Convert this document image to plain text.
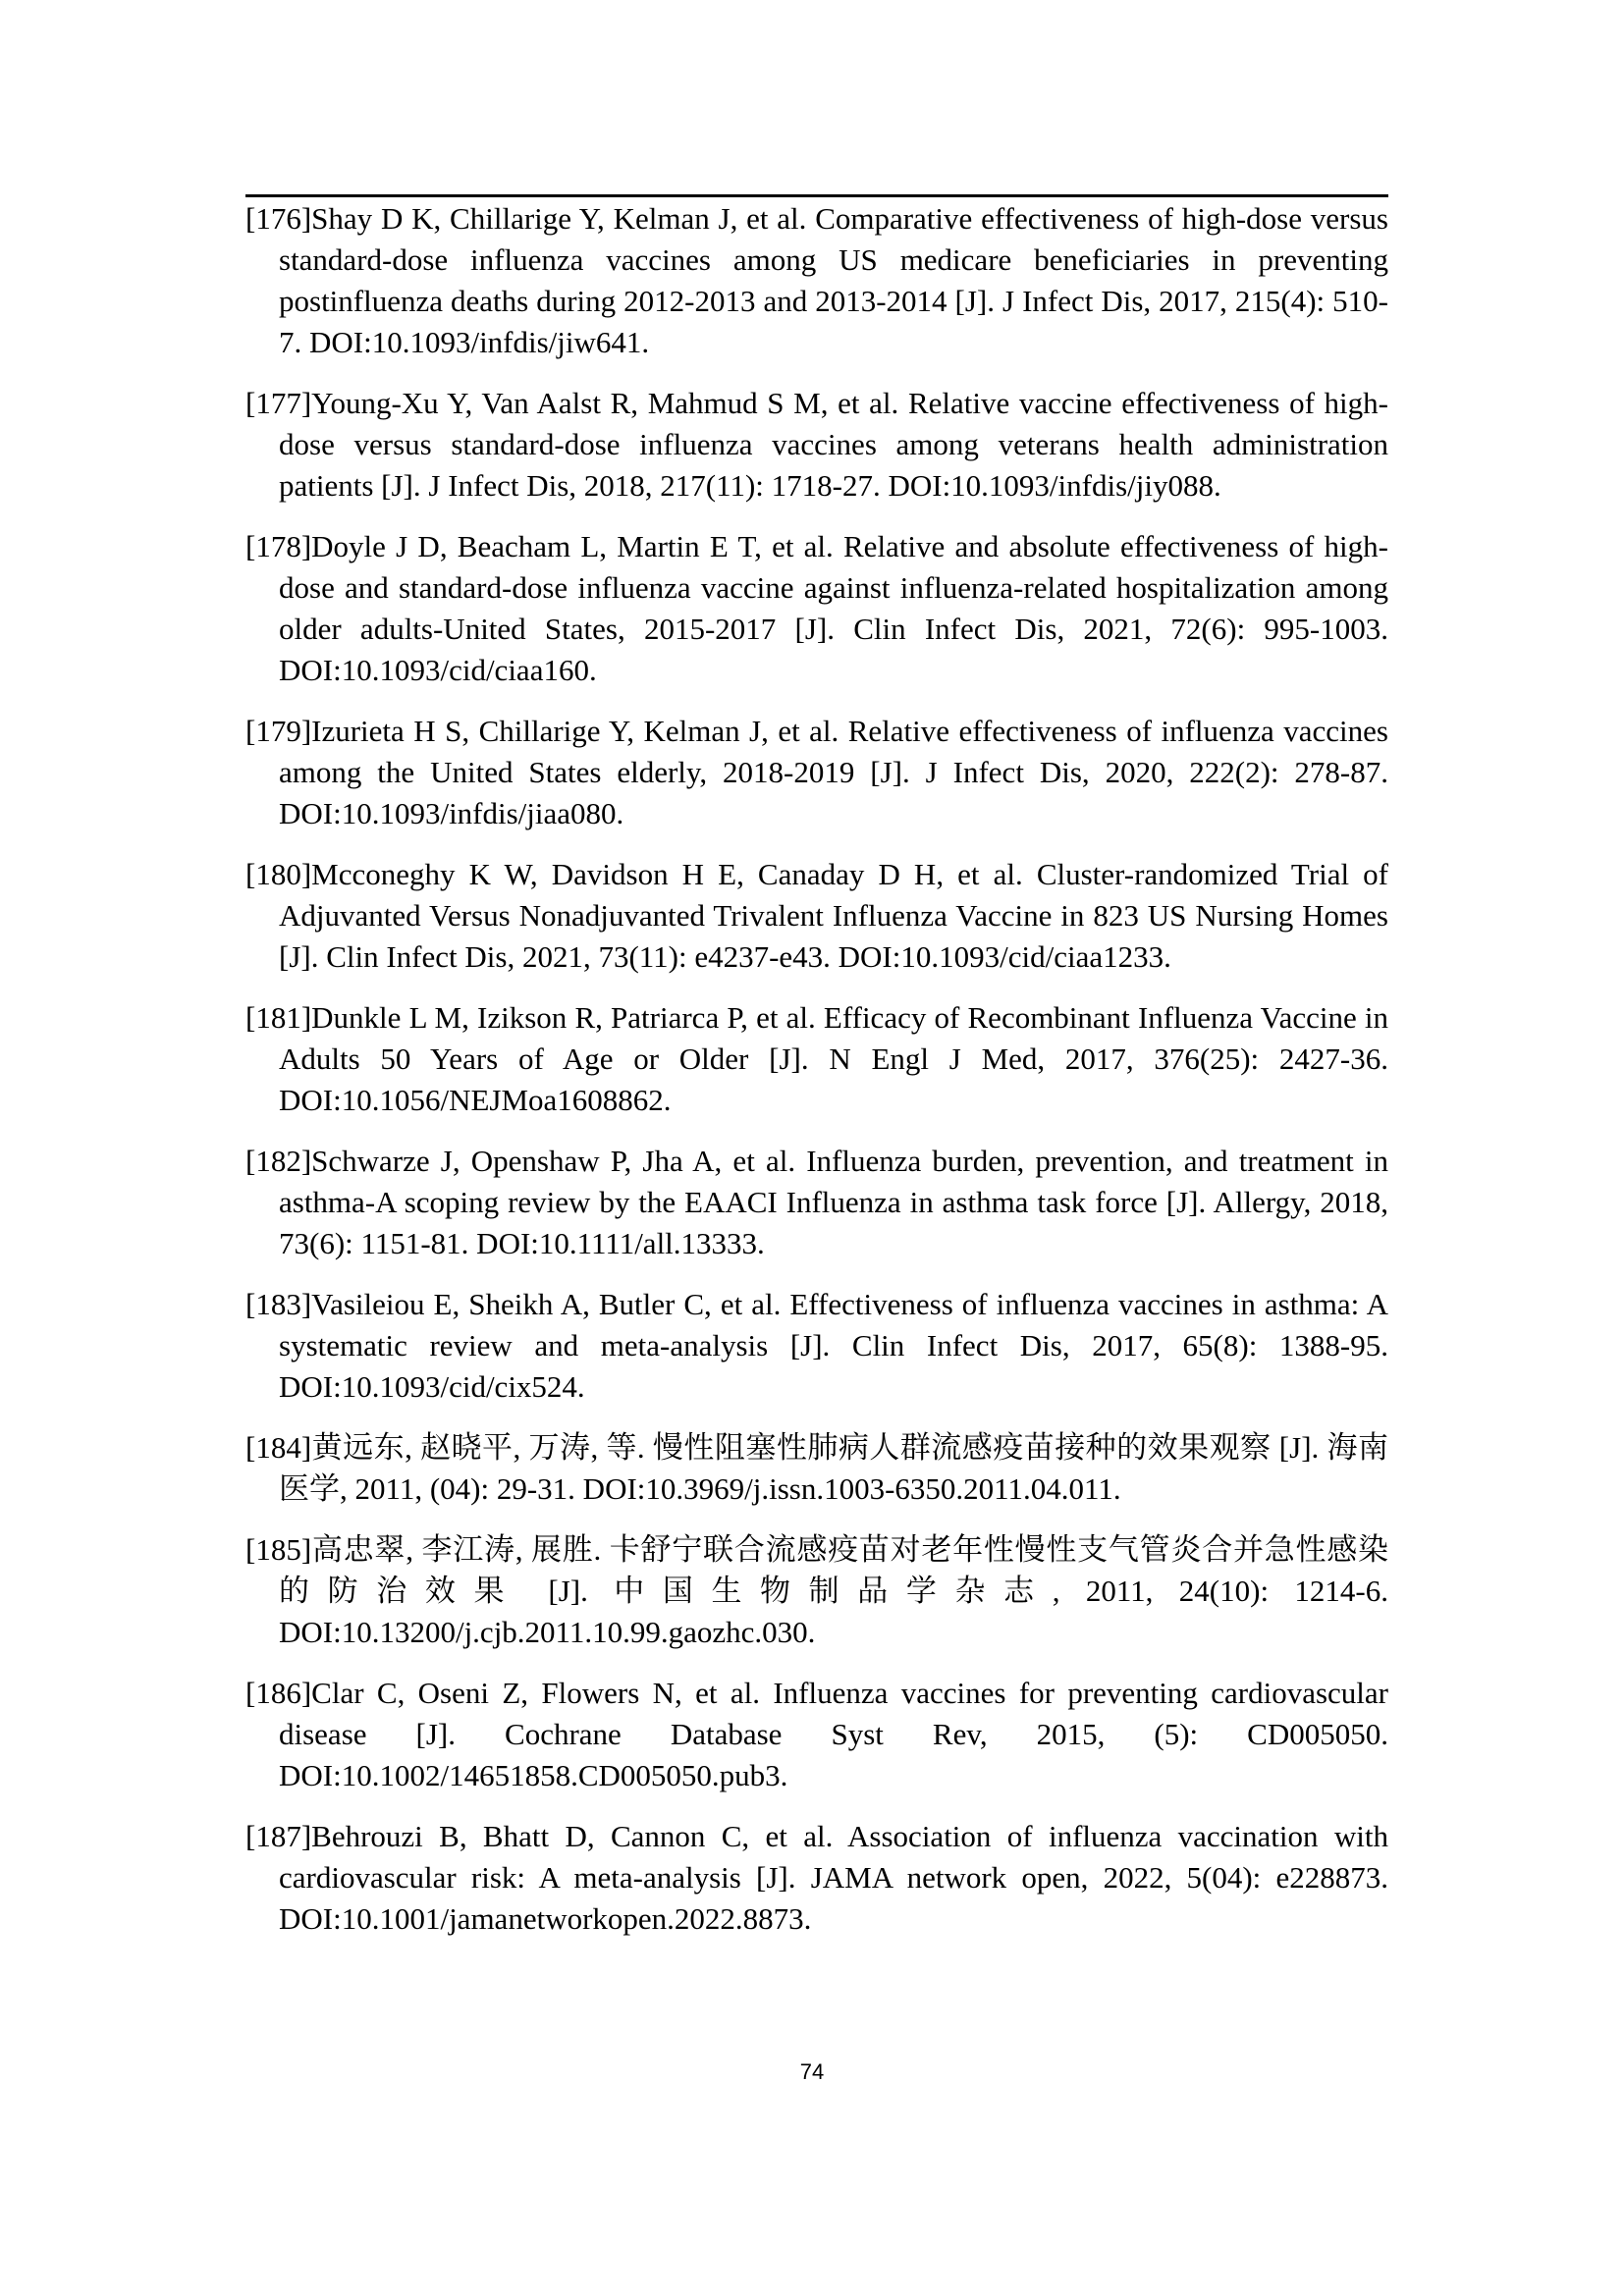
[176]Shay D K, Chillarige Y, Kelman J, et al. Comparative effectiveness of high-dose versus standard-dose influenza vaccines among US medicare beneficiaries in preventing postinfluenza deaths during 2012-2013 and 2013-2014 [J]. J Infect Dis, 2017, 215(4): 510-7. DOI:10.1093/infdis/jiw641.

[177]Young-Xu Y, Van Aalst R, Mahmud S M, et al. Relative vaccine effectiveness of high-dose versus standard-dose influenza vaccines among veterans health administration patients [J]. J Infect Dis, 2018, 217(11): 1718-27. DOI:10.1093/infdis/jiy088.

[178]Doyle J D, Beacham L, Martin E T, et al. Relative and absolute effectiveness of high-dose and standard-dose influenza vaccine against influenza-related hospitalization among older adults-United States, 2015-2017 [J]. Clin Infect Dis, 2021, 72(6): 995-1003. DOI:10.1093/cid/ciaa160.

[179]Izurieta H S, Chillarige Y, Kelman J, et al. Relative effectiveness of influenza vaccines among the United States elderly, 2018-2019 [J]. J Infect Dis, 2020, 222(2): 278-87. DOI:10.1093/infdis/jiaa080.

[180]Mcconeghy K W, Davidson H E, Canaday D H, et al. Cluster-randomized Trial of Adjuvanted Versus Nonadjuvanted Trivalent Influenza Vaccine in 823 US Nursing Homes [J]. Clin Infect Dis, 2021, 73(11): e4237-e43. DOI:10.1093/cid/ciaa1233.

[181]Dunkle L M, Izikson R, Patriarca P, et al. Efficacy of Recombinant Influenza Vaccine in Adults 50 Years of Age or Older [J]. N Engl J Med, 2017, 376(25): 2427-36. DOI:10.1056/NEJMoa1608862.

[182]Schwarze J, Openshaw P, Jha A, et al. Influenza burden, prevention, and treatment in asthma-A scoping review by the EAACI Influenza in asthma task force [J]. Allergy, 2018, 73(6): 1151-81. DOI:10.1111/all.13333.

[183]Vasileiou E, Sheikh A, Butler C, et al. Effectiveness of influenza vaccines in asthma: A systematic review and meta-analysis [J]. Clin Infect Dis, 2017, 65(8): 1388-95. DOI:10.1093/cid/cix524.

[184]黄远东, 赵晓平, 万涛, 等. 慢性阻塞性肺病人群流感疫苗接种的效果观察 [J]. 海南医学, 2011, (04): 29-31. DOI:10.3969/j.issn.1003-6350.2011.04.011.

[185]高忠翠, 李江涛, 展胜. 卡舒宁联合流感疫苗对老年性慢性支气管炎合并急性感染的防治效果 [J]. 中国生物制品学杂志, 2011, 24(10): 1214-6. DOI:10.13200/j.cjb.2011.10.99.gaozhc.030.

[186]Clar C, Oseni Z, Flowers N, et al. Influenza vaccines for preventing cardiovascular disease [J]. Cochrane Database Syst Rev, 2015, (5): CD005050. DOI:10.1002/14651858.CD005050.pub3.

[187]Behrouzi B, Bhatt D, Cannon C, et al. Association of influenza vaccination with cardiovascular risk: A meta-analysis [J]. JAMA network open, 2022, 5(04): e228873. DOI:10.1001/jamanetworkopen.2022.8873.

74
